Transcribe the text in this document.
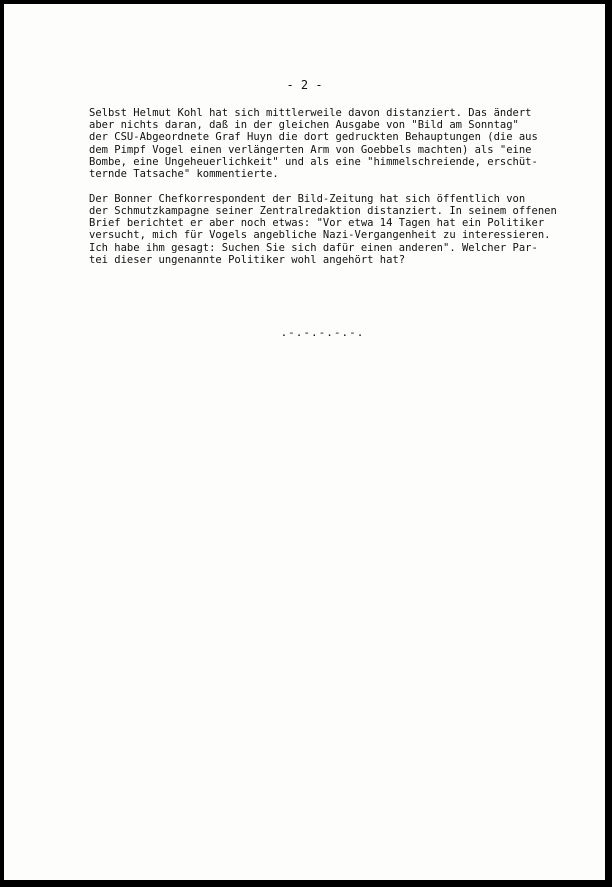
- 2 -
Selbst Helmut Kohl hat sich mittlerweile davon distanziert. Das ändert
aber nichts daran, daß in der gleichen Ausgabe von "Bild am Sonntag"
der CSU-Abgeordnete Graf Huyn die dort gedruckten Behauptungen (die aus
dem Pimpf Vogel einen verlängerten Arm von Goebbels machten) als "eine
Bombe, eine Ungeheuerlichkeit" und als eine "himmelschreiende, erschüt-
ternde Tatsache" kommentierte.
Der Bonner Chefkorrespondent der Bild-Zeitung hat sich öffentlich von
der Schmutzkampagne seiner Zentralredaktion distanziert. In seinem offenen
Brief berichtet er aber noch etwas: "Vor etwa 14 Tagen hat ein Politiker
versucht, mich für Vogels angebliche Nazi-Vergangenheit zu interessieren.
Ich habe ihm gesagt: Suchen Sie sich dafür einen anderen". Welcher Par-
tei dieser ungenannte Politiker wohl angehört hat?
.-.-.-.-.-.
